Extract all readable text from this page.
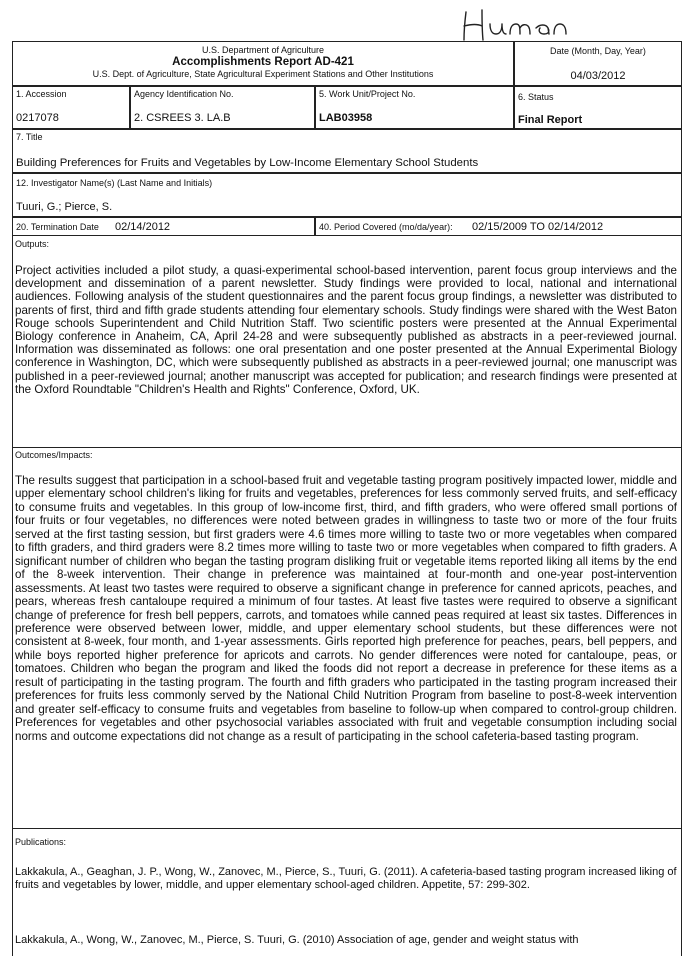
U.S. Department of Agriculture
Accomplishments Report AD-421
U.S. Dept. of Agriculture, State Agricultural Experiment Stations and Other Institutions
Date (Month, Day, Year)
04/03/2012
1. Accession
0217078
Agency Identification No.
2. CSREES 3. LA.B
5. Work Unit/Project No.
LAB03958
6. Status
Final Report
7. Title
Building Preferences for Fruits and Vegetables by Low-Income Elementary School Students
12. Investigator Name(s) (Last Name and Initials)
Tuuri, G.; Pierce, S.
20. Termination Date 02/14/2012	40. Period Covered (mo/da/year): 02/15/2009 TO 02/14/2012
Outputs:

Project activities included a pilot study, a quasi-experimental school-based intervention, parent focus group interviews and the development and dissemination of a parent newsletter. Study findings were provided to local, national and international audiences. Following analysis of the student questionnaires and the parent focus group findings, a newsletter was distributed to parents of first, third and fifth grade students attending four elementary schools. Study findings were shared with the West Baton Rouge schools Superintendent and Child Nutrition Staff. Two scientific posters were presented at the Annual Experimental Biology conference in Anaheim, CA, April 24-28 and were subsequently published as abstracts in a peer-reviewed journal. Information was disseminated as follows: one oral presentation and one poster presented at the Annual Experimental Biology conference in Washington, DC, which were subsequently published as abstracts in a peer-reviewed journal; one manuscript was published in a peer-reviewed journal; another manuscript was accepted for publication; and research findings were presented at the Oxford Roundtable "Children's Health and Rights" Conference, Oxford, UK.

Outcomes/Impacts:

The results suggest that participation in a school-based fruit and vegetable tasting program positively impacted lower, middle and upper elementary school children's liking for fruits and vegetables, preferences for less commonly served fruits, and self-efficacy to consume fruits and vegetables. In this group of low-income first, third, and fifth graders, who were offered small portions of four fruits or four vegetables, no differences were noted between grades in willingness to taste two or more of the four fruits served at the first tasting session, but first graders were 4.6 times more willing to taste two or more vegetables when compared to fifth graders, and third graders were 8.2 times more willing to taste two or more vegetables when compared to fifth graders. A significant number of children who began the tasting program disliking fruit or vegetable items reported liking all items by the end of the 8-week intervention. Their change in preference was maintained at four-month and one-year post-intervention assessments. At least two tastes were required to observe a significant change in preference for canned apricots, peaches, and pears, whereas fresh cantaloupe required a minimum of four tastes. At least five tastes were required to observe a significant change of preference for fresh bell peppers, carrots, and tomatoes while canned peas required at least six tastes. Differences in preference were observed between lower, middle, and upper elementary school students, but these differences were not consistent at 8-week, four month, and 1-year assessments. Girls reported high preference for peaches, pears, bell peppers, and while boys reported higher preference for apricots and carrots. No gender differences were noted for cantaloupe, peas, or tomatoes. Children who began the program and liked the foods did not report a decrease in preference for these items as a result of participating in the tasting program. The fourth and fifth graders who participated in the tasting program increased their preferences for fruits less commonly served by the National Child Nutrition Program from baseline to post-8-week intervention and greater self-efficacy to consume fruits and vegetables from baseline to follow-up when compared to control-group children. Preferences for vegetables and other psychosocial variables associated with fruit and vegetable consumption including social norms and outcome expectations did not change as a result of participating in the school cafeteria-based tasting program.

Publications:

Lakkakula, A., Geaghan, J. P., Wong, W., Zanovec, M., Pierce, S., Tuuri, G. (2011). A cafeteria-based tasting program increased liking of fruits and vegetables by lower, middle, and upper elementary school-aged children. Appetite, 57: 299-302.

Lakkakula, A., Wong, W., Zanovec, M., Pierce, S. Tuuri, G. (2010) Association of age, gender and weight status with
